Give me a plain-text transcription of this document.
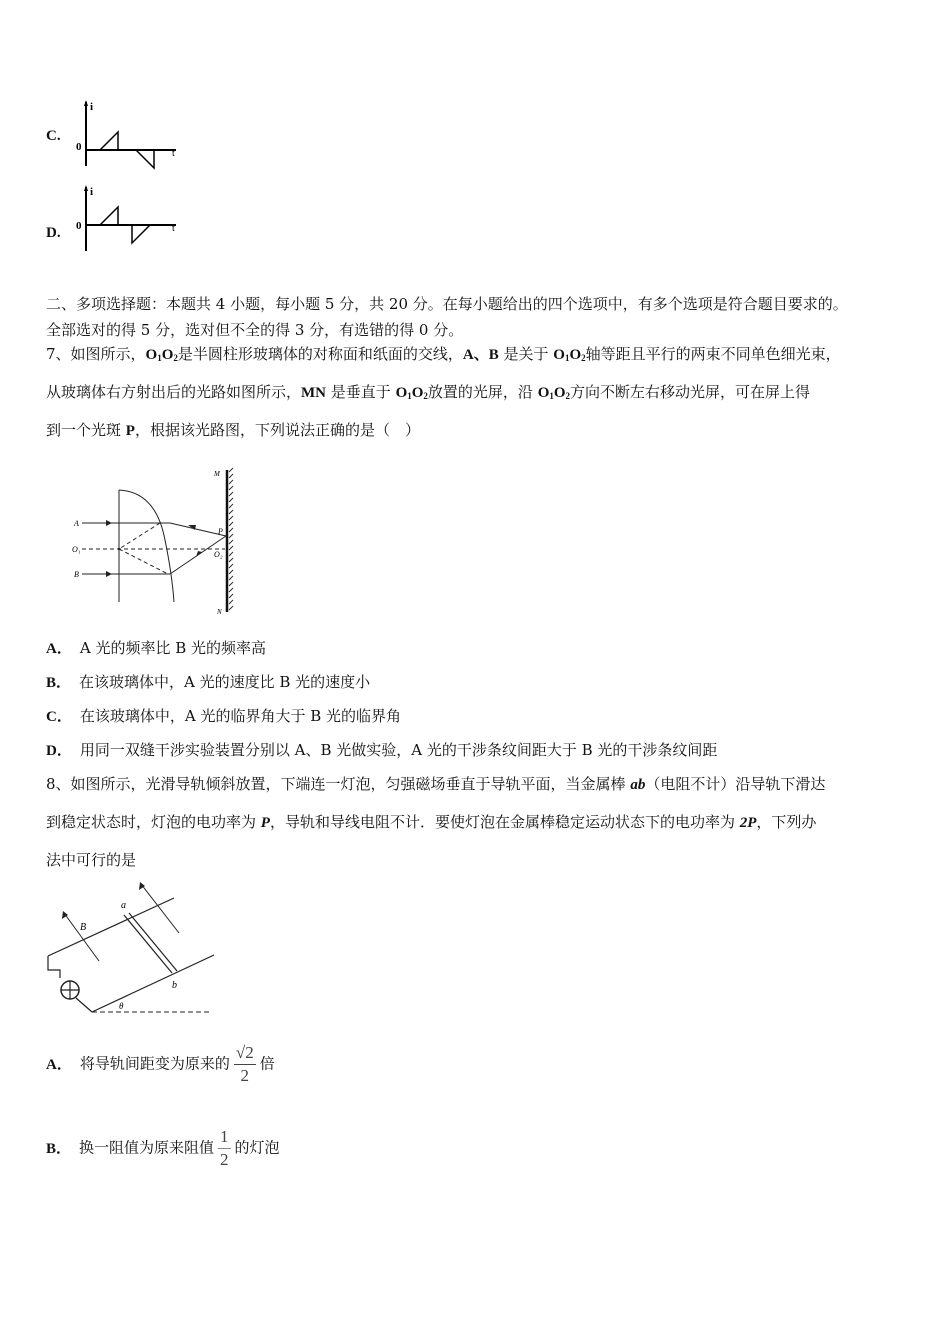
C.
i
0
t
D.
i
0	t
二、多项选择题：本题共 4 小题，每小题 5 分，共 20 分。在每小题给出的四个选项中，有多个选项是符合题目要求的。
全部选对的得 5 分，选对但不全的得 3 分，有选错的得 0 分。
7、如图所示，$O_1O_2$是半圆柱形玻璃体的对称面和纸面的交线，A、B 是关于 $O_1O_2$轴等距且平行的两束不同单色细光束，
从玻璃体右方射出后的光路如图所示，MN 是垂直于 $O_1O_2$放置的光屏，沿 $O_1O_2$方向不断左右移动光屏，可在屏上得
到一个光斑 P，根据该光路图，下列说法正确的是（　）
A
B
O₁
O₂
P
M
N
A． A 光的频率比 B 光的频率高
B． 在该玻璃体中，A 光的速度比 B 光的速度小
C． 在该玻璃体中，A 光的临界角大于 B 光的临界角
D． 用同一双缝干涉实验装置分别以 A、B 光做实验，A 光的干涉条纹间距大于 B 光的干涉条纹间距
8、如图所示，光滑导轨倾斜放置，下端连一灯泡，匀强磁场垂直于导轨平面，当金属棒 ab（电阻不计）沿导轨下滑达
到稳定状态时，灯泡的电功率为 P，导轨和导线电阻不计．要使灯泡在金属棒稳定运动状态下的电功率为 2P，下列办
法中可行的是
a
b
B
θ
A． 将导轨间距变为原来的 $\frac{√2}{2}$ 倍
B． 换一阻值为原来阻值 $\frac{1}{2}$ 的灯泡
